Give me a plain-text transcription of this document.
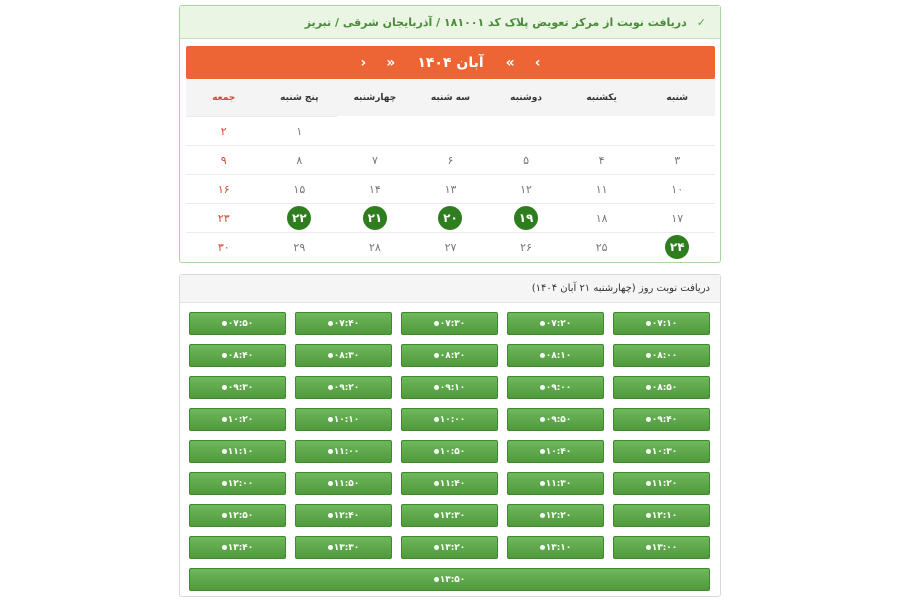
✓
دریافت نوبت از مرکز تعویض پلاک کد ۱۸۱۰۰۱ / آذربایجان شرقی / تبریز
›
»
آبان ۱۴۰۴
«
‹
شنبه
یکشنبه
دوشنبه
سه شنبه
چهارشنبه
پنج شنبه
جمعه
۱
۲
۳
۴
۵
۶
۷
۸
۹
۱۰
۱۱
۱۲
۱۳
۱۴
۱۵
۱۶
۱۷
۱۸
۱۹
۲۰
۲۱
۲۲
۲۳
۲۴
۲۵
۲۶
۲۷
۲۸
۲۹
۳۰
دریافت نوبت روز (چهارشنبه ۲۱ آبان ۱۴۰۴)
۰۷:۱۰
۰۷:۲۰
۰۷:۳۰
۰۷:۴۰
۰۷:۵۰
۰۸:۰۰
۰۸:۱۰
۰۸:۲۰
۰۸:۳۰
۰۸:۴۰
۰۸:۵۰
۰۹:۰۰
۰۹:۱۰
۰۹:۲۰
۰۹:۳۰
۰۹:۴۰
۰۹:۵۰
۱۰:۰۰
۱۰:۱۰
۱۰:۲۰
۱۰:۳۰
۱۰:۴۰
۱۰:۵۰
۱۱:۰۰
۱۱:۱۰
۱۱:۲۰
۱۱:۳۰
۱۱:۴۰
۱۱:۵۰
۱۲:۰۰
۱۲:۱۰
۱۲:۲۰
۱۲:۳۰
۱۲:۴۰
۱۲:۵۰
۱۳:۰۰
۱۳:۱۰
۱۳:۲۰
۱۳:۳۰
۱۳:۴۰
۱۳:۵۰
